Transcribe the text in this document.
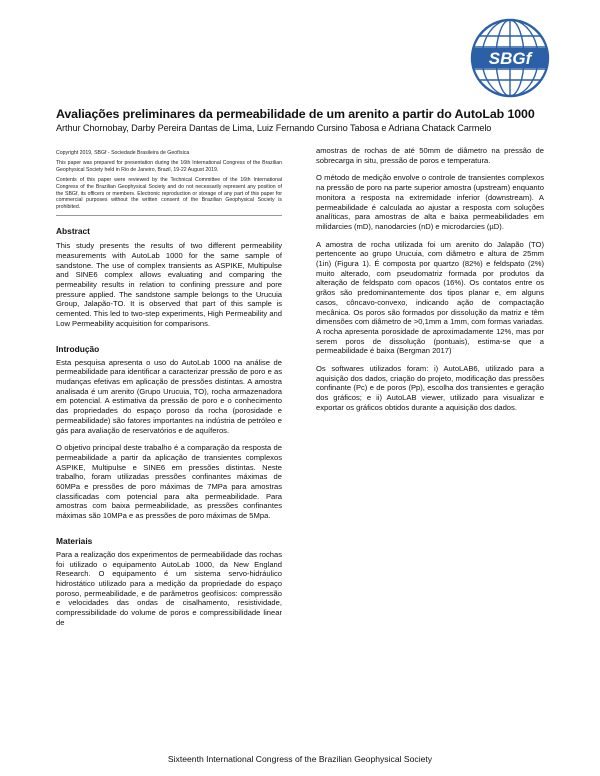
SBGf
Avaliações preliminares da permeabilidade de um arenito a partir do AutoLab 1000
Arthur Chornobay, Darby Pereira Dantas de Lima, Luiz Fernando Cursino Tabosa e Adriana Chatack Carmelo

Copyright 2019, SBGf - Sociedade Brasileira de Geofísica

This paper was prepared for presentation during the 16th International Congress of the Brazilian Geophysical Society held in Rio de Janeiro, Brazil, 19-22 August 2019.

Contents of this paper were reviewed by the Technical Committee of the 16th International Congress of the Brazilian Geophysical Society and do not necessarily represent any position of the SBGf, its officers or members. Electronic reproduction or storage of any part of this paper for commercial purposes without the written consent of the Brazilian Geophysical Society is prohibited.

Abstract

This study presents the results of two different permeability measurements with AutoLab 1000 for the same sample of sandstone. The use of complex transients as ASPIKE, Multipulse and SINE6 complex allows evaluating and comparing the permeability results in relation to confining pressure and pore pressure applied. The sandstone sample belongs to the Urucuia Group, Jalapão-TO. It is observed that part of this sample is cemented. This led to two-step experiments, High Permeability and Low Permeability acquisition for comparisons.

Introdução

Esta pesquisa apresenta o uso do AutoLab 1000 na análise de permeabilidade para identificar a caracterizar pressão de poro e as mudanças efetivas em aplicação de pressões distintas. A amostra analisada é um arenito (Grupo Urucuia, TO), rocha armazenadora em potencial. A estimativa da pressão de poro e o conhecimento das propriedades do espaço poroso da rocha (porosidade e permeabilidade) são fatores importantes na indústria de petróleo e gás para avaliação de reservatórios e de aquíferos.

O objetivo principal deste trabalho é a comparação da resposta de permeabilidade a partir da aplicação de transientes complexos ASPIKE, Multipulse e SINE6 em pressões distintas. Neste trabalho, foram utilizadas pressões confinantes máximas de 60MPa e pressões de poro máximas de 7MPa para amostras classificadas com potencial para alta permeabilidade. Para amostras com baixa permeabilidade, as pressões confinantes máximas são 10MPa e as pressões de poro máximas de 5Mpa.

Materiais

Para a realização dos experimentos de permeabilidade das rochas foi utilizado o equipamento AutoLab 1000, da New England Research. O equipamento é um sistema servo-hidráulico hidrostático utilizado para a medição da propriedade do espaço poroso, permeabilidade, e de parâmetros geofísicos: compressão e velocidades das ondas de cisalhamento, resistividade, compressibilidade do volume de poros e compressibilidade linear de

amostras de rochas de até 50mm de diâmetro na pressão de sobrecarga in situ, pressão de poros e temperatura.

O método de medição envolve o controle de transientes complexos na pressão de poro na parte superior amostra (upstream) enquanto monitora a resposta na extremidade inferior (downstream). A permeabilidade é calculada ao ajustar a resposta com soluções analíticas, para amostras de alta e baixa permeabilidades em milidarcies (mD), nanodarcies (nD) e microdarcies (µD).

A amostra de rocha utilizada foi um arenito do Jalapão (TO) pertencente ao grupo Urucuia, com diâmetro e altura de 25mm (1in) (Figura 1). É composta por quartzo (82%) e feldspato (2%) muito alterado, com pseudomatriz formada por produtos da alteração de feldspato com opacos (16%). Os contatos entre os grãos são predominantemente dos tipos planar e, em alguns casos, côncavo-convexo, indicando ação de compactação mecânica. Os poros são formados por dissolução da matriz e têm dimensões com diâmetro de >0,1mm a 1mm, com formas variadas. A rocha apresenta porosidade de aproximadamente 12%, mas por serem poros de dissolução (pontuais), estima-se que a permeabilidade é baixa (Bergman 2017)

Os softwares utilizados foram: i) AutoLAB6, utilizado para a aquisição dos dados, criação do projeto, modificação das pressões confinante (Pc) e de poros (Pp), escolha dos transientes e geração dos gráficos; e ii) AutoLAB viewer, utilizado para visualizar e exportar os gráficos obtidos durante a aquisição dos dados.

Sixteenth International Congress of the Brazilian Geophysical Society
